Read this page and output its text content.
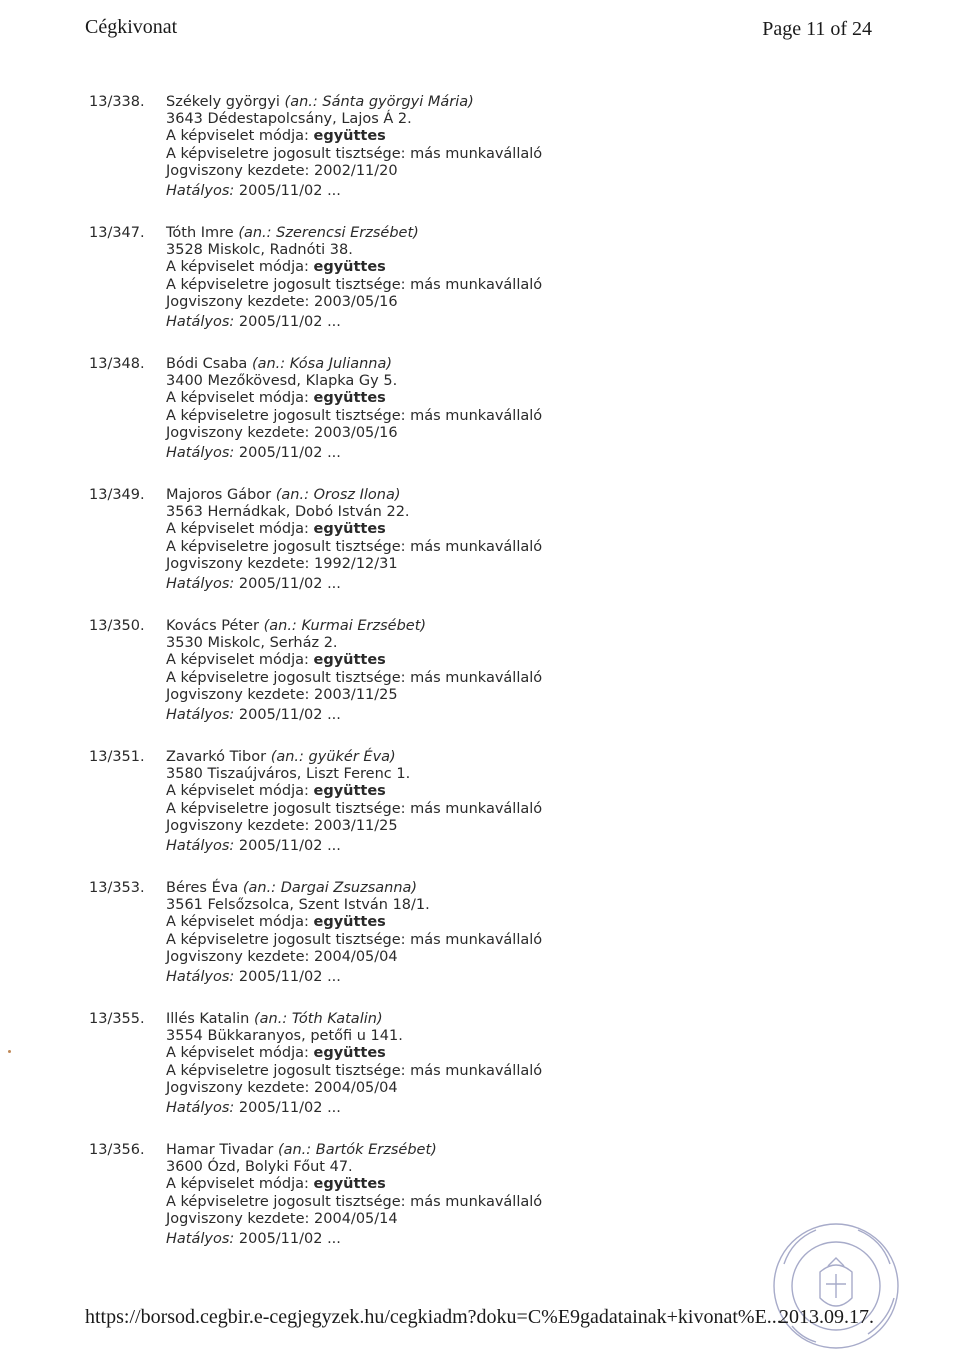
Cégkivonat	Page 11 of 24
13/338. Székely györgyi (an.: Sánta györgyi Mária)
3643 Dédestapolcsány, Lajos Á 2.
A képviselet módja: együttes
A képviseletre jogosult tisztsége: más munkavállaló
Jogviszony kezdete: 2002/11/20
Hatályos: 2005/11/02 ...
13/347. Tóth Imre (an.: Szerencsi Erzsébet)
3528 Miskolc, Radnóti 38.
A képviselet módja: együttes
A képviseletre jogosult tisztsége: más munkavállaló
Jogviszony kezdete: 2003/05/16
Hatályos: 2005/11/02 ...
13/348. Bódi Csaba (an.: Kósa Julianna)
3400 Mezőkövesd, Klapka Gy 5.
A képviselet módja: együttes
A képviseletre jogosult tisztsége: más munkavállaló
Jogviszony kezdete: 2003/05/16
Hatályos: 2005/11/02 ...
13/349. Majoros Gábor (an.: Orosz Ilona)
3563 Hernádkak, Dobó István 22.
A képviselet módja: együttes
A képviseletre jogosult tisztsége: más munkavállaló
Jogviszony kezdete: 1992/12/31
Hatályos: 2005/11/02 ...
13/350. Kovács Péter (an.: Kurmai Erzsébet)
3530 Miskolc, Serház 2.
A képviselet módja: együttes
A képviseletre jogosult tisztsége: más munkavállaló
Jogviszony kezdete: 2003/11/25
Hatályos: 2005/11/02 ...
13/351. Zavarkó Tibor (an.: gyükér Éva)
3580 Tiszaújváros, Liszt Ferenc 1.
A képviselet módja: együttes
A képviseletre jogosult tisztsége: más munkavállaló
Jogviszony kezdete: 2003/11/25
Hatályos: 2005/11/02 ...
13/353. Béres Éva (an.: Dargai Zsuzsanna)
3561 Felsőzsolca, Szent István 18/1.
A képviselet módja: együttes
A képviseletre jogosult tisztsége: más munkavállaló
Jogviszony kezdete: 2004/05/04
Hatályos: 2005/11/02 ...
13/355. Illés Katalin (an.: Tóth Katalin)
3554 Bükkaranyos, petőfi u 141.
A képviselet módja: együttes
A képviseletre jogosult tisztsége: más munkavállaló
Jogviszony kezdete: 2004/05/04
Hatályos: 2005/11/02 ...
13/356. Hamar Tivadar (an.: Bartók Erzsébet)
3600 Ózd, Bolyki Főut 47.
A képviselet módja: együttes
A képviseletre jogosult tisztsége: más munkavállaló
Jogviszony kezdete: 2004/05/14
Hatályos: 2005/11/02 ...
https://borsod.cegbir.e-cegjegyzek.hu/cegkiadm?doku=C%E9gadatainak+kivonat%E...
2013.09.17.
